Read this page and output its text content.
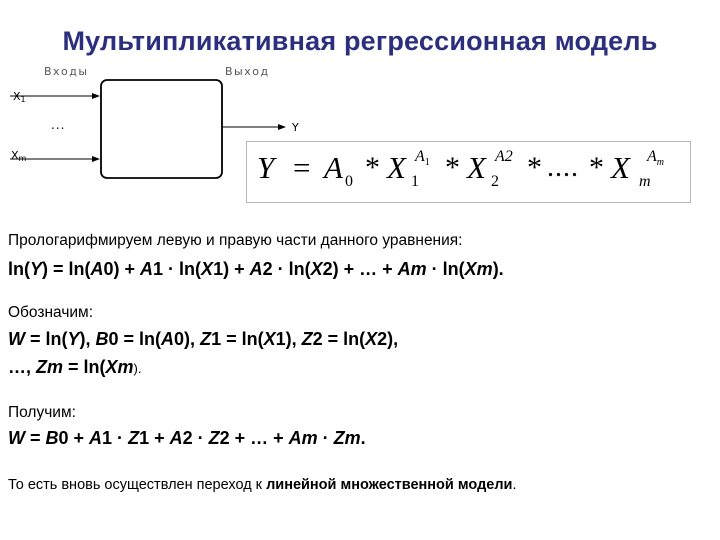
Мультипликативная регрессионная модель
Входы	Выход
$X_1$
...
$X_m$
Y
Y = A 0 * X 1
$A_1$ * X 2
A2 * .... * X m
$A_m$
Прологарифмируем левую и правую части данного уравнения:
ln(Y) = ln(A0) + A1 · ln(X1) + A2 · ln(X2) + … + Am · ln(Xm).
Обозначим:
W = ln(Y), B0 = ln(A0), Z1 = ln(X1), Z2 = ln(X2),
…, Zm = ln(Xm).
Получим:
W = B0 + A1 · Z1 + A2 · Z2 + … + Am · Zm.
То есть вновь осуществлен переход к линейной множественной модели.
